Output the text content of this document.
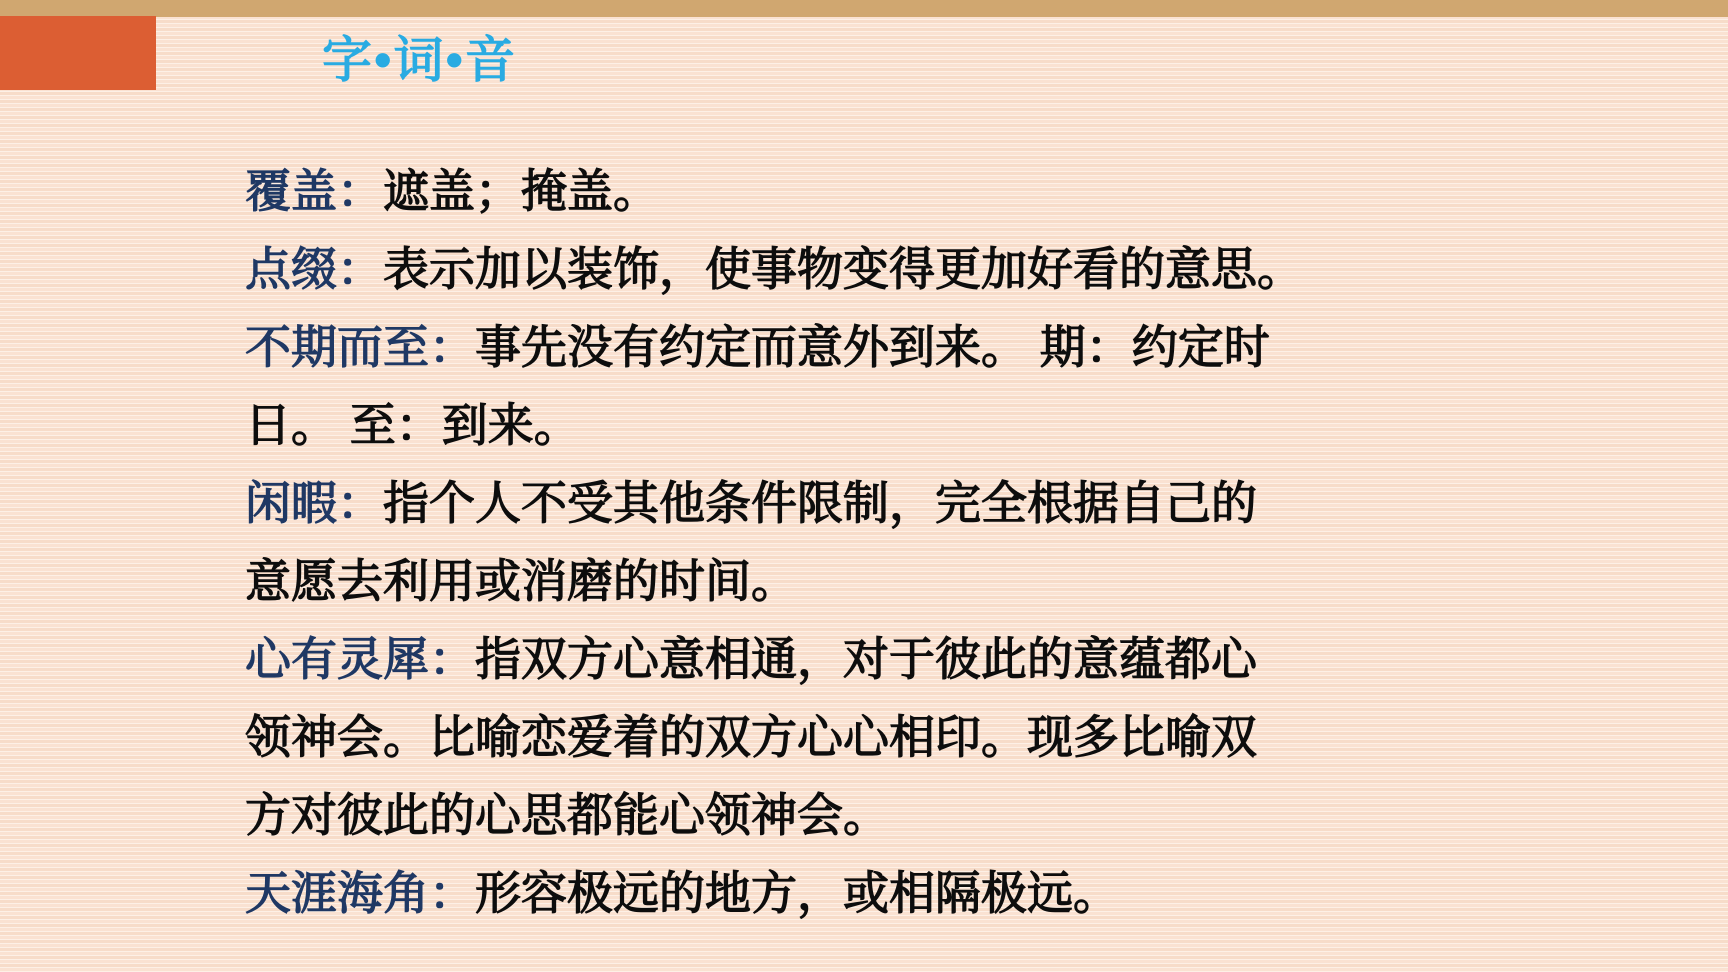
字•词•音
覆盖：遮盖；掩盖。
点缀：表示加以装饰，使事物变得更加好看的意思。
不期而至：事先没有约定而意外到来。 期：约定时
日。 至：到来。
闲暇：指个人不受其他条件限制，完全根据自己的
意愿去利用或消磨的时间。
心有灵犀：指双方心意相通，对于彼此的意蕴都心
领神会。比喻恋爱着的双方心心相印。现多比喻双
方对彼此的心思都能心领神会。
天涯海角：形容极远的地方，或相隔极远。
